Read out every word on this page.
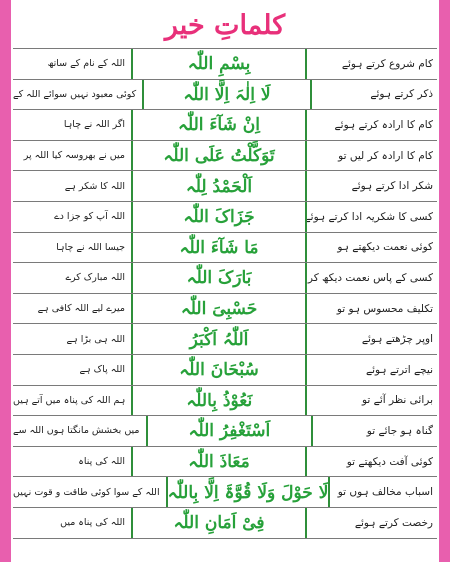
کلماتِ خیر
کام شروع کرتے ہوئے
بِسْمِ اللّٰہ
اللہ کے نام کے ساتھ
ذکر کرتے ہوئے
لَا اِلٰہَ اِلَّا اللّٰہ
کوئی معبود نہیں سوائے اللہ کے
کام کا ارادہ کرتے ہوئے
اِنْ شَآءَ اللّٰہ
اگر اللہ نے چاہا
کام کا ارادہ کر لیں تو
تَوَکَّلْتُ عَلَی اللّٰہ
میں نے بھروسہ کیا اللہ پر
شکر ادا کرتے ہوئے
اَلْحَمْدُ لِلّٰہ
اللہ کا شکر ہے
کسی کا شکریہ ادا کرتے ہوئے
جَزَاکَ اللّٰہ
اللہ آپ کو جزا دے
کوئی نعمت دیکھتے ہو
مَا شَآءَ اللّٰہ
جیسا اللہ نے چاہا
کسی کے پاس نعمت دیکھ کر
بَارَکَ اللّٰہ
اللہ مبارک کرے
تکلیف محسوس ہو تو
حَسْبِیَ اللّٰہ
میرے لیے اللہ کافی ہے
اوپر چڑھتے ہوئے
اَللّٰہُ اَکْبَرُ
اللہ ہی بڑا ہے
نیچے اترتے ہوئے
سُبْحَانَ اللّٰہ
اللہ پاک ہے
برائی نظر آئے تو
نَعُوْذُ بِاللّٰہ
ہم اللہ کی پناہ میں آتے ہیں
گناہ ہو جائے تو
اَسْتَغْفِرُ اللّٰہ
میں بخشش مانگتا ہوں اللہ سے
کوئی آفت دیکھتے تو
مَعَاذَ اللّٰہ
اللہ کی پناہ
اسباب مخالف ہوں تو
لَا حَوْلَ وَلَا قُوَّۃَ اِلَّا بِاللّٰہ
اللہ کے سوا کوئی طاقت و قوت نہیں
رخصت کرتے ہوئے
فِیْ اَمَانِ اللّٰہ
اللہ کی پناہ میں
